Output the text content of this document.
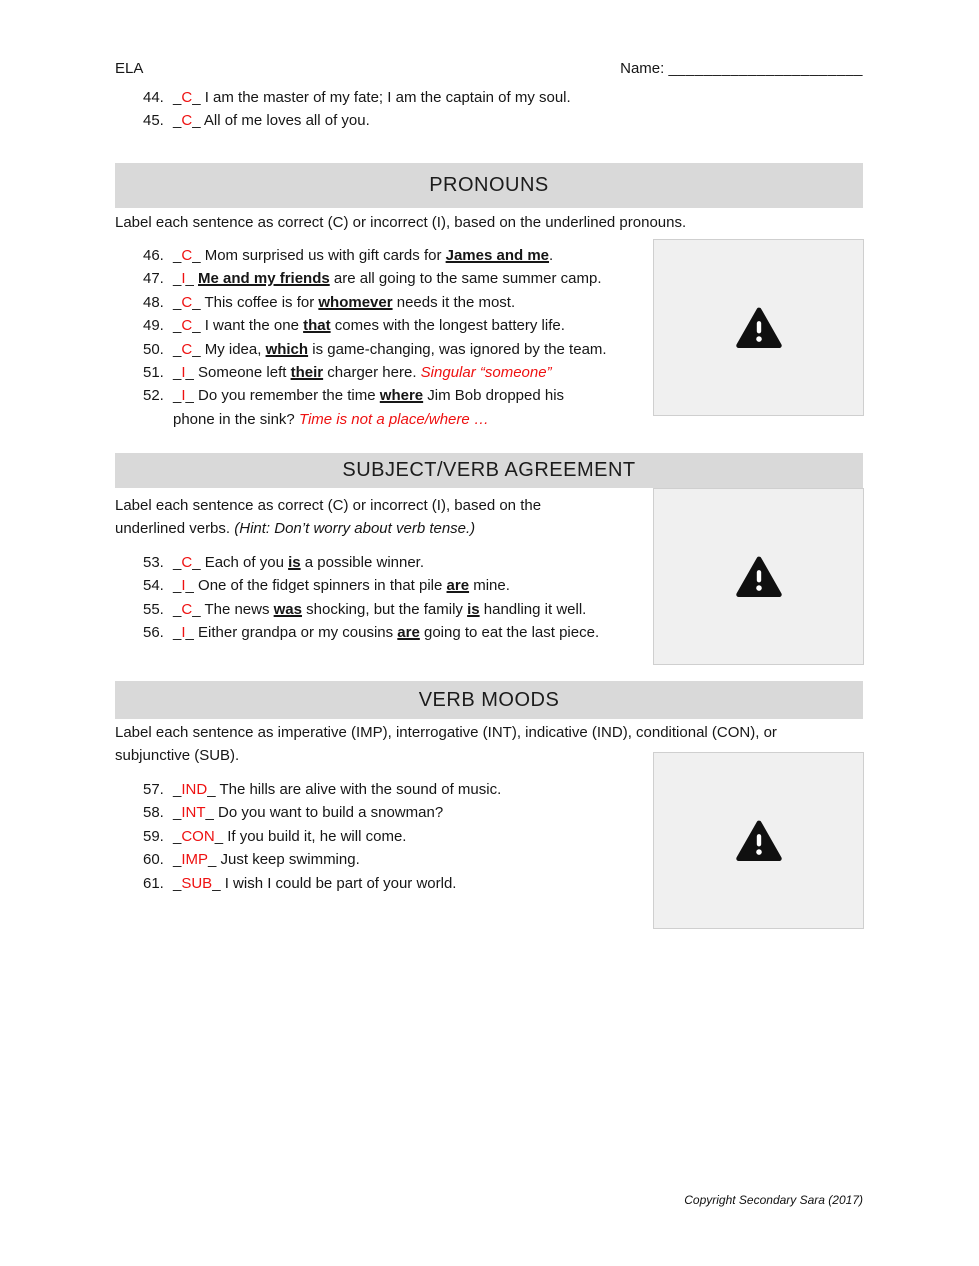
ELA	Name: ______________________
44. _C_ I am the master of my fate; I am the captain of my soul.
45. _C_ All of me loves all of you.
PRONOUNS
Label each sentence as correct (C) or incorrect (I), based on the underlined pronouns.
46. _C_ Mom surprised us with gift cards for James and me.
47. _I_ Me and my friends are all going to the same summer camp.
48. _C_ This coffee is for whomever needs it the most.
49. _C_ I want the one that comes with the longest battery life.
50. _C_ My idea, which is game-changing, was ignored by the team.
51. _I_ Someone left their charger here. Singular “someone”
52. _I_ Do you remember the time where Jim Bob dropped his
phone in the sink? Time is not a place/where …
SUBJECT/VERB AGREEMENT
Label each sentence as correct (C) or incorrect (I), based on the
underlined verbs. (Hint: Don’t worry about verb tense.)
53. _C_ Each of you is a possible winner.
54. _I_ One of the fidget spinners in that pile are mine.
55. _C_ The news was shocking, but the family is handling it well.
56. _I_ Either grandpa or my cousins are going to eat the last piece.
VERB MOODS
Label each sentence as imperative (IMP), interrogative (INT), indicative (IND), conditional (CON), or
subjunctive (SUB).
57. _IND_ The hills are alive with the sound of music.
58. _INT_ Do you want to build a snowman?
59. _CON_ If you build it, he will come.
60. _IMP_ Just keep swimming.
61. _SUB_ I wish I could be part of your world.
Copyright Secondary Sara (2017)
